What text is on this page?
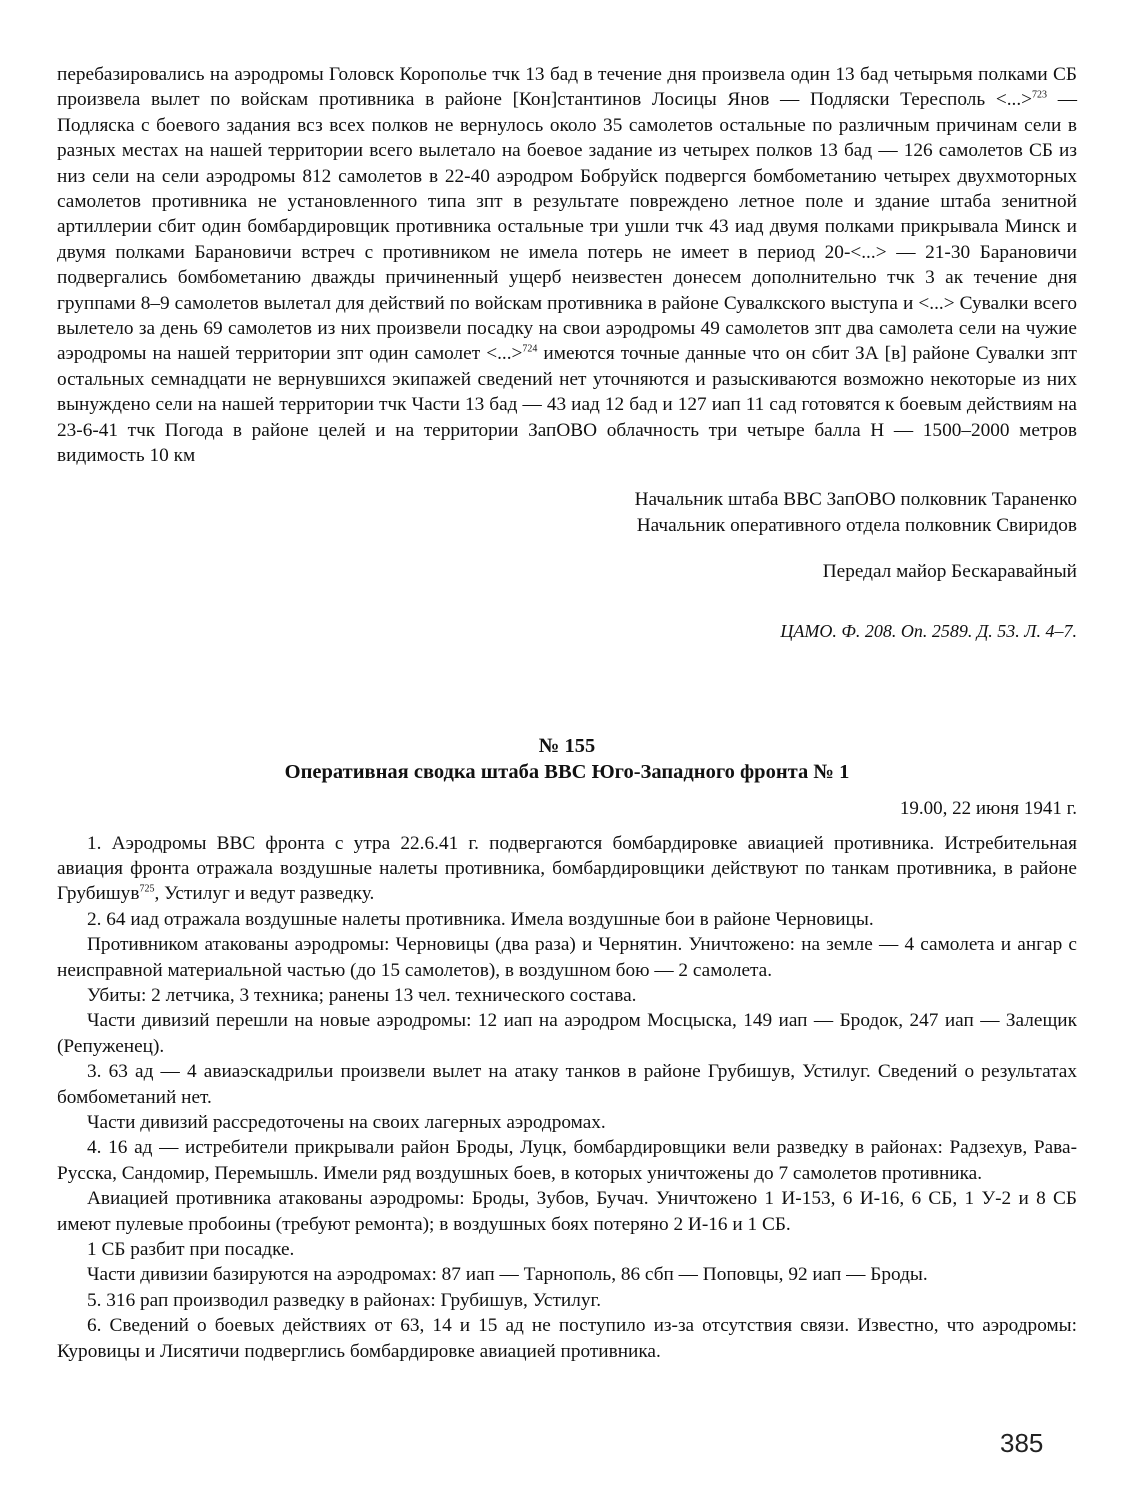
перебазировались на аэродромы Головск Корополье тчк 13 бад в течение дня произвела один 13 бад четырьмя полками СБ произвела вылет по войскам противника в районе [Кон]стантинов Лосицы Янов — Подляски Тересполь <...>$^{723}$ — Подляска с боевого задания всз всех полков не вернулось около 35 самолетов остальные по различным причинам сели в разных местах на нашей территории всего вылетало на боевое задание из четырех полков 13 бад — 126 самолетов СБ из низ сели на сели аэродромы 812 самолетов в 22-40 аэродром Бобруйск подвергся бомбометанию четырех двухмоторных самолетов противника не установленного типа зпт в результате повреждено летное поле и здание штаба зенитной артиллерии сбит один бомбардировщик противника остальные три ушли тчк 43 иад двумя полками прикрывала Минск и двумя полками Барановичи встреч с противником не имела потерь не имеет в период 20-<...> — 21-30 Барановичи подвергались бомбометанию дважды причиненный ущерб неизвестен донесем дополнительно тчк 3 ак течение дня группами 8–9 самолетов вылетал для действий по войскам противника в районе Сувалкского выступа и <...> Сувалки всего вылетело за день 69 самолетов из них произвели посадку на свои аэродромы 49 самолетов зпт два самолета сели на чужие аэродромы на нашей территории зпт один самолет <...>$^{724}$ имеются точные данные что он сбит ЗА [в] районе Сувалки зпт остальных семнадцати не вернувшихся экипажей сведений нет уточняются и разыскиваются возможно некоторые из них вынуждено сели на нашей территории тчк Части 13 бад — 43 иад 12 бад и 127 иап 11 сад готовятся к боевым действиям на 23-6-41 тчк Погода в районе целей и на территории ЗапОВО облачность три четыре балла Н — 1500–2000 метров видимость 10 км

Начальник штаба ВВС ЗапОВО полковник Тараненко

Начальник оперативного отдела полковник Свиридов

Передал майор Бескаравайный

ЦАМО. Ф. 208. Оп. 2589. Д. 53. Л. 4–7.

№ 155

Оперативная сводка штаба ВВС Юго-Западного фронта № 1

19.00, 22 июня 1941 г.

1. Аэродромы ВВС фронта с утра 22.6.41 г. подвергаются бомбардировке авиацией противника. Истребительная авиация фронта отражала воздушные налеты противника, бомбардировщики действуют по танкам противника, в районе Грубишув$^{725}$, Устилуг и ведут разведку.

2. 64 иад отражала воздушные налеты противника. Имела воздушные бои в районе Черновицы.

Противником атакованы аэродромы: Черновицы (два раза) и Чернятин. Уничтожено: на земле — 4 самолета и ангар с неисправной материальной частью (до 15 самолетов), в воздушном бою — 2 самолета.

Убиты: 2 летчика, 3 техника; ранены 13 чел. технического состава.

Части дивизий перешли на новые аэродромы: 12 иап на аэродром Мосцыска, 149 иап — Бродок, 247 иап — Залещик (Репуженец).

3. 63 ад — 4 авиаэскадрильи произвели вылет на атаку танков в районе Грубишув, Устилуг. Сведений о результатах бомбометаний нет.

Части дивизий рассредоточены на своих лагерных аэродромах.

4. 16 ад — истребители прикрывали район Броды, Луцк, бомбардировщики вели разведку в районах: Радзехув, Рава-Русска, Сандомир, Перемышль. Имели ряд воздушных боев, в которых уничтожены до 7 самолетов противника.

Авиацией противника атакованы аэродромы: Броды, Зубов, Бучач. Уничтожено 1 И-153, 6 И-16, 6 СБ, 1 У-2 и 8 СБ имеют пулевые пробоины (требуют ремонта); в воздушных боях потеряно 2 И-16 и 1 СБ.

1 СБ разбит при посадке.

Части дивизии базируются на аэродромах: 87 иап — Тарнополь, 86 сбп — Поповцы, 92 иап — Броды.

5. 316 рап производил разведку в районах: Грубишув, Устилуг.

6. Сведений о боевых действиях от 63, 14 и 15 ад не поступило из-за отсутствия связи. Известно, что аэродромы: Куровицы и Лисятичи подверглись бомбардировке авиацией противника.

385
